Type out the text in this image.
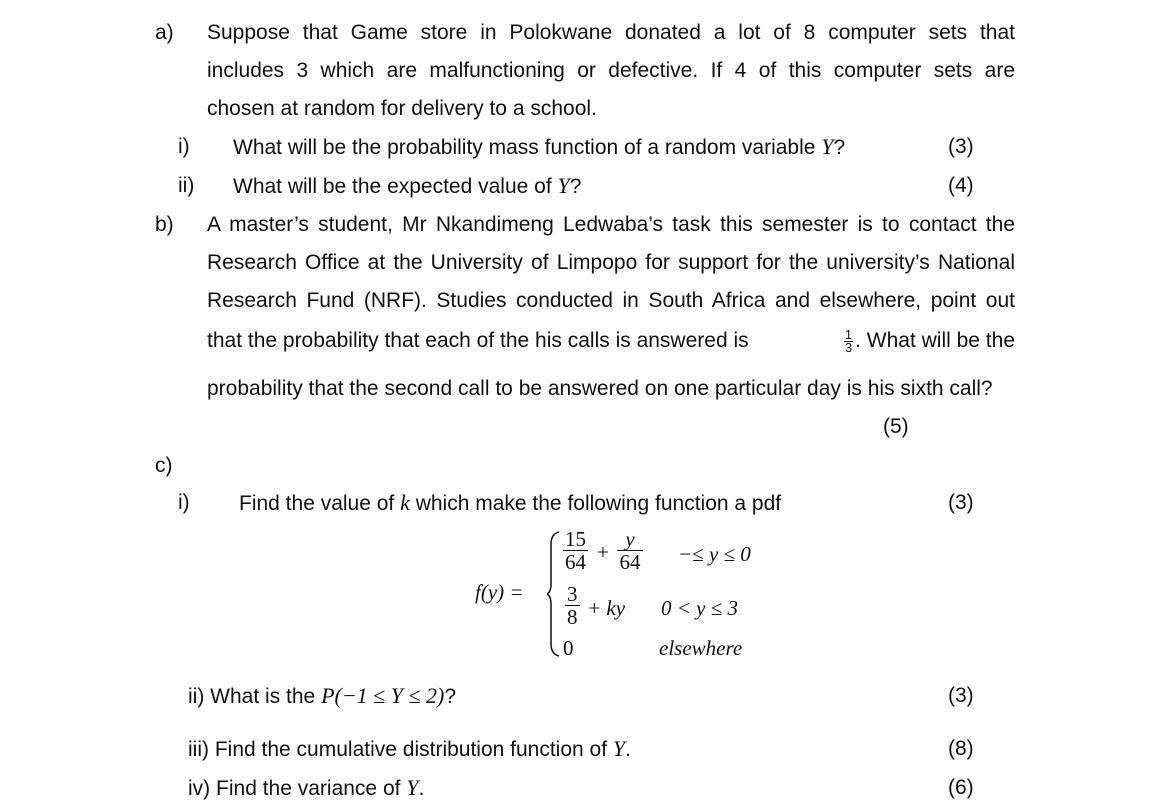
a) Suppose that Game store in Polokwane donated a lot of 8 computer sets that
includes 3 which are malfunctioning or defective. If 4 of this computer sets are
chosen at random for delivery to a school.
i) What will be the probability mass function of a random variable Y?	(3)
ii) What will be the expected value of Y?	(4)
b) A master’s student, Mr Nkandimeng Ledwaba’s task this semester is to contact the
Research Office at the University of Limpopo for support for the university’s National
Research Fund (NRF). Studies conducted in South Africa and elsewhere, point out
that the probability that each of the his calls is answered is	$\frac{1}{3}$ . What will be the
probability that the second call to be answered on one particular day is his sixth call?
(5)
c)
i) Find the value of k which make the following function a pdf	(3)
f(y) =
$\frac{15}{64} + \frac{y}{64} -\le y \le 0$
$\frac{3}{8}$ + ky 0 < y ≤ 3
0	elsewhere
ii) What is the P(−1 ≤ Y ≤ 2)?	(3)
iii) Find the cumulative distribution function of Y.	(8)
iv) Find the variance of Y.	(6)
